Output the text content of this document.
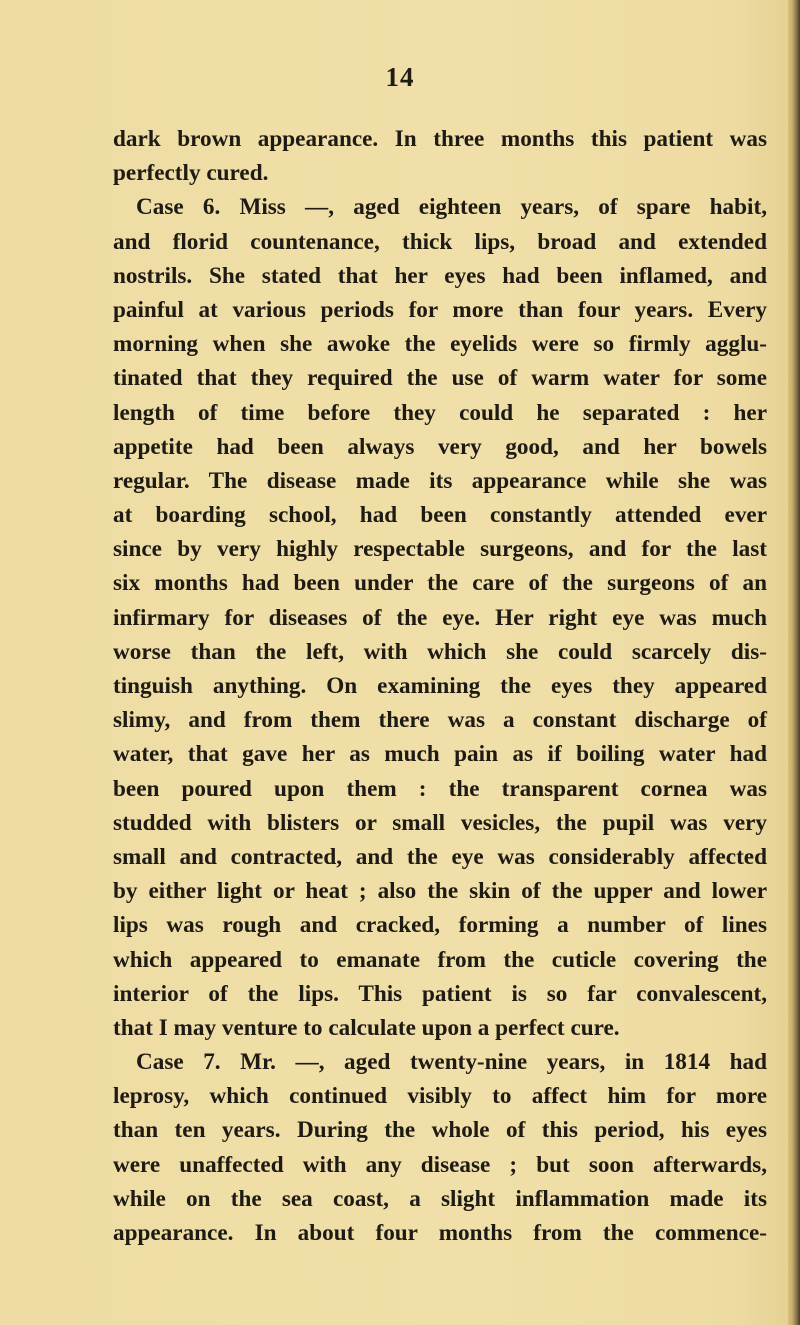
14
dark brown appearance. In three months this patient was
perfectly cured.
Case 6. Miss —, aged eighteen years, of spare habit,
and florid countenance, thick lips, broad and extended
nostrils. She stated that her eyes had been inflamed, and
painful at various periods for more than four years. Every
morning when she awoke the eyelids were so firmly agglu-
tinated that they required the use of warm water for some
length of time before they could he separated : her
appetite had been always very good, and her bowels
regular. The disease made its appearance while she was
at boarding school, had been constantly attended ever
since by very highly respectable surgeons, and for the last
six months had been under the care of the surgeons of an
infirmary for diseases of the eye. Her right eye was much
worse than the left, with which she could scarcely dis-
tinguish anything. On examining the eyes they appeared
slimy, and from them there was a constant discharge of
water, that gave her as much pain as if boiling water had
been poured upon them : the transparent cornea was
studded with blisters or small vesicles, the pupil was very
small and contracted, and the eye was considerably affected
by either light or heat ; also the skin of the upper and lower
lips was rough and cracked, forming a number of lines
which appeared to emanate from the cuticle covering the
interior of the lips. This patient is so far convalescent,
that I may venture to calculate upon a perfect cure.
Case 7. Mr. —, aged twenty-nine years, in 1814 had
leprosy, which continued visibly to affect him for more
than ten years. During the whole of this period, his eyes
were unaffected with any disease ; but soon afterwards,
while on the sea coast, a slight inflammation made its
appearance. In about four months from the commence-
